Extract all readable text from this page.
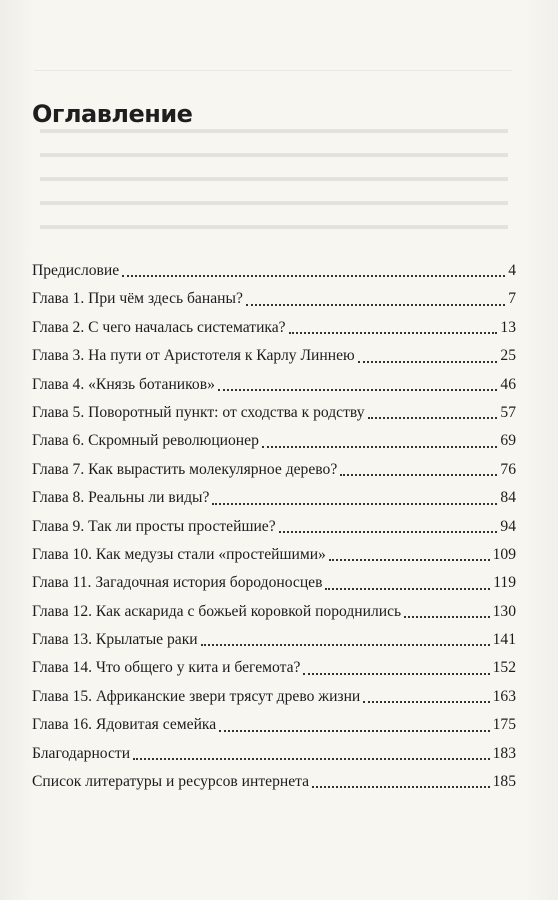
▬▬▬▬▬▬▬▬▬▬▬▬▬▬▬▬▬▬▬▬▬▬▬▬▬▬▬▬▬▬▬▬▬▬▬▬
▬▬▬▬▬▬▬▬▬▬▬▬▬▬▬▬▬▬▬▬▬▬▬▬▬▬▬▬▬▬▬▬▬▬▬▬
▬▬▬▬▬▬▬▬▬▬▬▬▬▬▬▬▬▬▬▬▬▬▬▬▬▬▬▬▬▬▬▬▬▬▬▬
▬▬▬▬▬▬▬▬▬▬▬▬▬▬▬▬▬▬▬▬▬▬▬▬▬▬▬▬▬▬▬▬▬▬▬▬
▬▬▬▬▬▬▬▬▬▬▬▬▬▬▬▬▬▬▬▬▬▬▬▬▬▬▬▬▬▬▬▬▬▬▬▬
Оглавление
Предисловие	4
Глава 1. При чём здесь бананы?	7
Глава 2. С чего началась систематика?	13
Глава 3. На пути от Аристотеля к Карлу Линнею	25
Глава 4. «Князь ботаников»	46
Глава 5. Поворотный пункт: от сходства к родству	57
Глава 6. Скромный революционер	69
Глава 7. Как вырастить молекулярное дерево?	76
Глава 8. Реальны ли виды?	84
Глава 9. Так ли просты простейшие?	94
Глава 10. Как медузы стали «простейшими»	109
Глава 11. Загадочная история бородоносцев	119
Глава 12. Как аскарида с божьей коровкой породнились	130
Глава 13. Крылатые раки	141
Глава 14. Что общего у кита и бегемота?	152
Глава 15. Африканские звери трясут древо жизни	163
Глава 16. Ядовитая семейка	175
Благодарности	183
Список литературы и ресурсов интернета	185
